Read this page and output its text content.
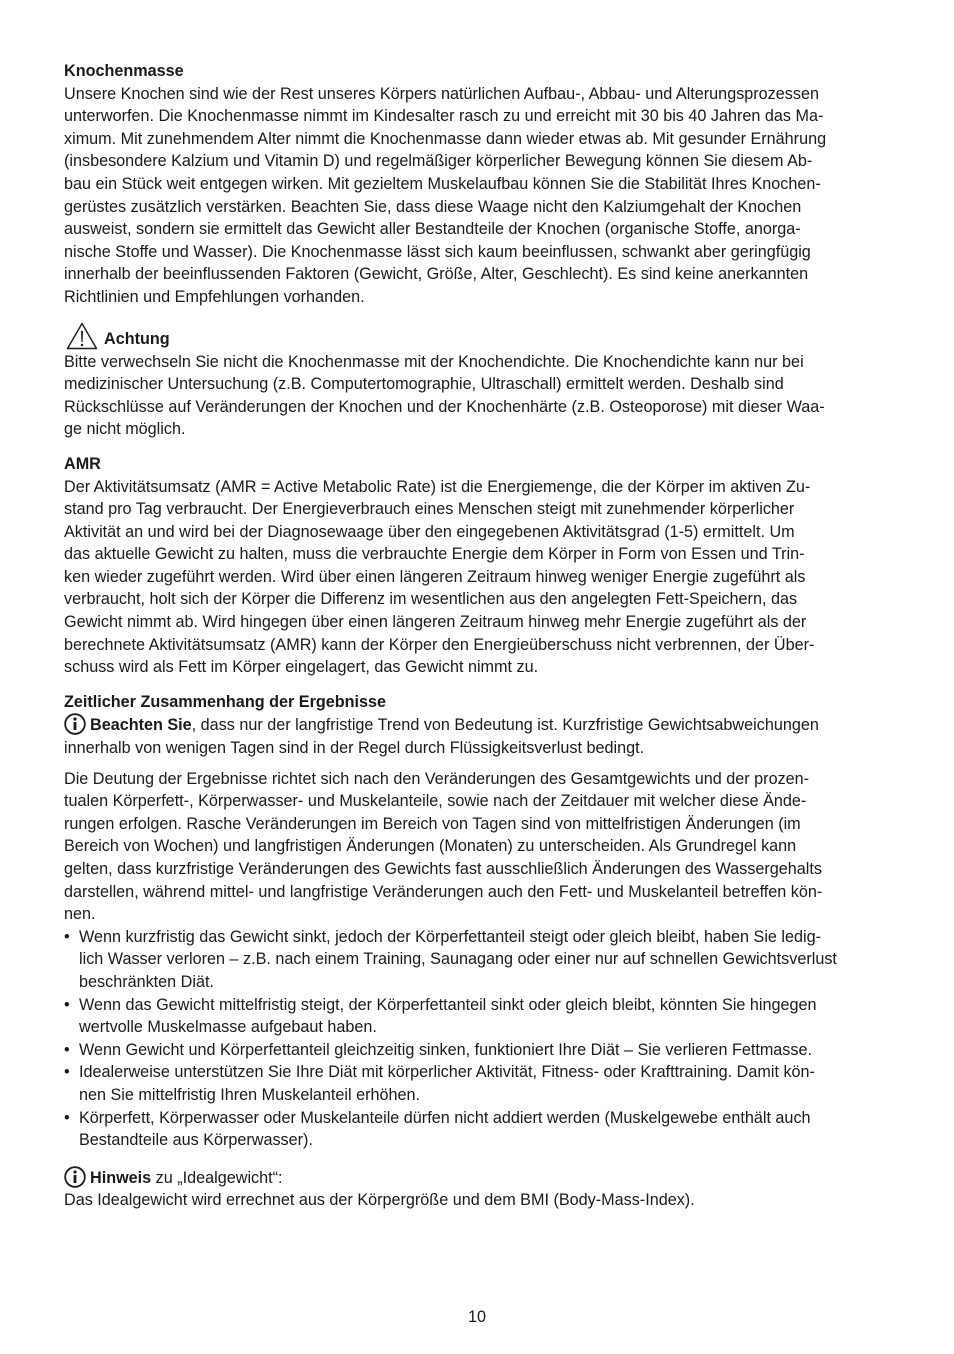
Knochenmasse

Unsere Knochen sind wie der Rest unseres Körpers natürlichen Aufbau-, Abbau- und Alterungsprozessen
unterworfen. Die Knochenmasse nimmt im Kindesalter rasch zu und erreicht mit 30 bis 40 Jahren das Ma-
ximum. Mit zunehmendem Alter nimmt die Knochenmasse dann wieder etwas ab. Mit gesunder Ernährung
(insbesondere Kalzium und Vitamin D) und regelmäßiger körperlicher Bewegung können Sie diesem Ab-
bau ein Stück weit entgegen wirken. Mit gezieltem Muskelaufbau können Sie die Stabilität Ihres Knochen-
gerüstes zusätzlich verstärken. Beachten Sie, dass diese Waage nicht den Kalziumgehalt der Knochen
ausweist, sondern sie ermittelt das Gewicht aller Bestandteile der Knochen (organische Stoffe, anorga-
nische Stoffe und Wasser). Die Knochenmasse lässt sich kaum beeinflussen, schwankt aber geringfügig
innerhalb der beeinflussenden Faktoren (Gewicht, Größe, Alter, Geschlecht). Es sind keine anerkannten
Richtlinien und Empfehlungen vorhanden.

Achtung

Bitte verwechseln Sie nicht die Knochenmasse mit der Knochendichte. Die Knochendichte kann nur bei
medizinischer Untersuchung (z.B. Computertomographie, Ultraschall) ermittelt werden. Deshalb sind
Rückschlüsse auf Veränderungen der Knochen und der Knochenhärte (z.B. Osteoporose) mit dieser Waa-
ge nicht möglich.

AMR

Der Aktivitätsumsatz (AMR = Active Metabolic Rate) ist die Energiemenge, die der Körper im aktiven Zu-
stand pro Tag verbraucht. Der Energieverbrauch eines Menschen steigt mit zunehmender körperlicher
Aktivität an und wird bei der Diagnosewaage über den eingegebenen Aktivitätsgrad (1-5) ermittelt. Um
das aktuelle Gewicht zu halten, muss die verbrauchte Energie dem Körper in Form von Essen und Trin-
ken wieder zugeführt werden. Wird über einen längeren Zeitraum hinweg weniger Energie zugeführt als
verbraucht, holt sich der Körper die Differenz im wesentlichen aus den angelegten Fett-Speichern, das
Gewicht nimmt ab. Wird hingegen über einen längeren Zeitraum hinweg mehr Energie zugeführt als der
berechnete Aktivitätsumsatz (AMR) kann der Körper den Energieüberschuss nicht verbrennen, der Über-
schuss wird als Fett im Körper eingelagert, das Gewicht nimmt zu.

Zeitlicher Zusammenhang der Ergebnisse

Beachten Sie, dass nur der langfristige Trend von Bedeutung ist. Kurzfristige Gewichtsabweichungen
innerhalb von wenigen Tagen sind in der Regel durch Flüssigkeitsverlust bedingt.

Die Deutung der Ergebnisse richtet sich nach den Veränderungen des Gesamtgewichts und der prozen-
tualen Körperfett-, Körperwasser- und Muskelanteile, sowie nach der Zeitdauer mit welcher diese Ände-
rungen erfolgen. Rasche Veränderungen im Bereich von Tagen sind von mittelfristigen Änderungen (im
Bereich von Wochen) und langfristigen Änderungen (Monaten) zu unterscheiden. Als Grundregel kann
gelten, dass kurzfristige Veränderungen des Gewichts fast ausschließlich Änderungen des Wassergehalts
darstellen, während mittel- und langfristige Veränderungen auch den Fett- und Muskelanteil betreffen kön-
nen.

• Wenn kurzfristig das Gewicht sinkt, jedoch der Körperfettanteil steigt oder gleich bleibt, haben Sie ledig-
lich Wasser verloren – z.B. nach einem Training, Saunagang oder einer nur auf schnellen Gewichtsverlust
beschränkten Diät.
• Wenn das Gewicht mittelfristig steigt, der Körperfettanteil sinkt oder gleich bleibt, könnten Sie hingegen
wertvolle Muskelmasse aufgebaut haben.
• Wenn Gewicht und Körperfettanteil gleichzeitig sinken, funktioniert Ihre Diät – Sie verlieren Fettmasse.
• Idealerweise unterstützen Sie Ihre Diät mit körperlicher Aktivität, Fitness- oder Krafttraining. Damit kön-
nen Sie mittelfristig Ihren Muskelanteil erhöhen.
• Körperfett, Körperwasser oder Muskelanteile dürfen nicht addiert werden (Muskelgewebe enthält auch
Bestandteile aus Körperwasser).

Hinweis zu „Idealgewicht“:
Das Idealgewicht wird errechnet aus der Körpergröße und dem BMI (Body-Mass-Index).

10
